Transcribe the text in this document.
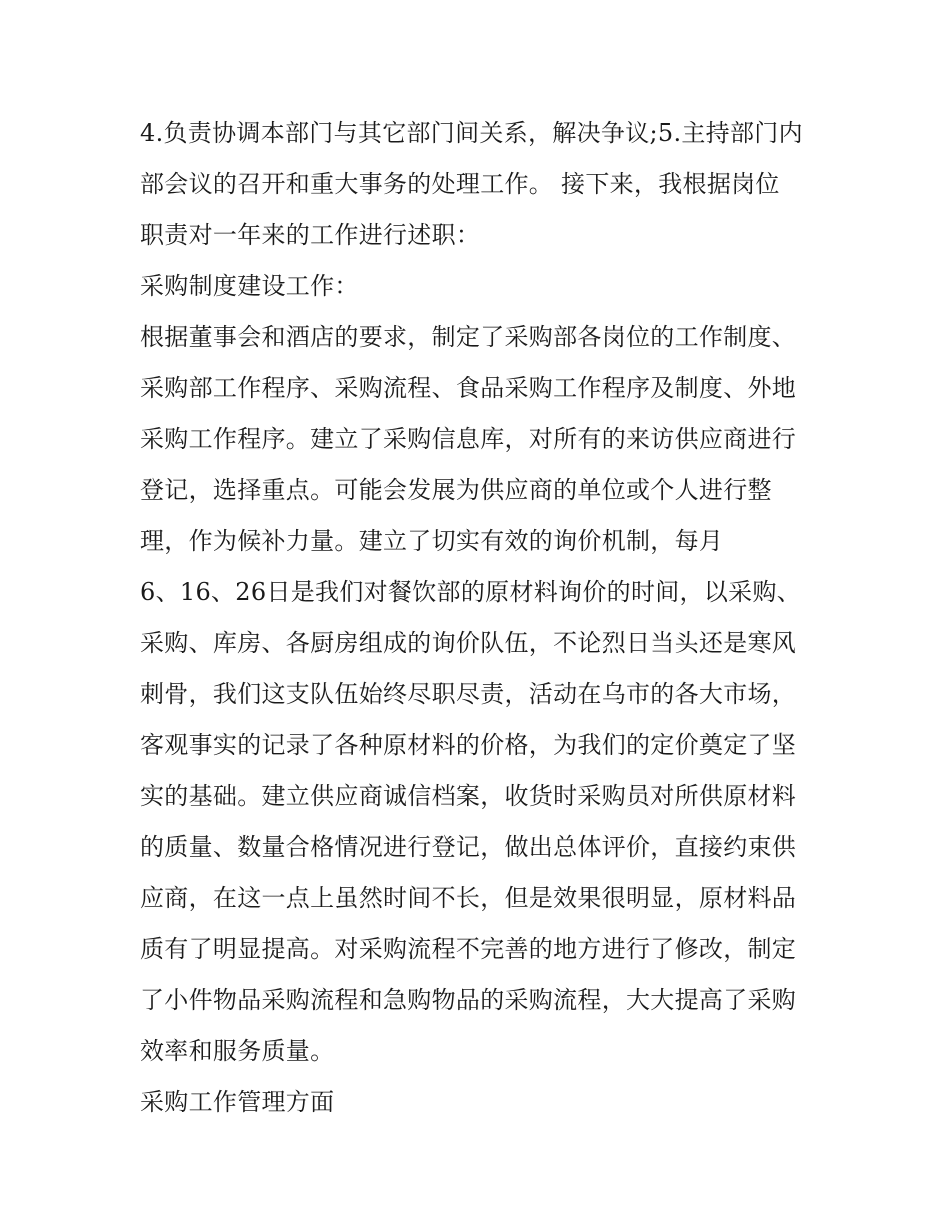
4.负责协调本部门与其它部门间关系，解决争议;5.主持部门内
部会议的召开和重大事务的处理工作。 接下来，我根据岗位
职责对一年来的工作进行述职：
采购制度建设工作：
根据董事会和酒店的要求，制定了采购部各岗位的工作制度、
采购部工作程序、采购流程、食品采购工作程序及制度、外地
采购工作程序。建立了采购信息库，对所有的来访供应商进行
登记，选择重点。可能会发展为供应商的单位或个人进行整
理，作为候补力量。建立了切实有效的询价机制，每月
6、16、26日是我们对餐饮部的原材料询价的时间，以采购、
采购、库房、各厨房组成的询价队伍，不论烈日当头还是寒风
刺骨，我们这支队伍始终尽职尽责，活动在乌市的各大市场，
客观事实的记录了各种原材料的价格，为我们的定价奠定了坚
实的基础。建立供应商诚信档案，收货时采购员对所供原材料
的质量、数量合格情况进行登记，做出总体评价，直接约束供
应商，在这一点上虽然时间不长，但是效果很明显，原材料品
质有了明显提高。对采购流程不完善的地方进行了修改，制定
了小件物品采购流程和急购物品的采购流程，大大提高了采购
效率和服务质量。
采购工作管理方面
